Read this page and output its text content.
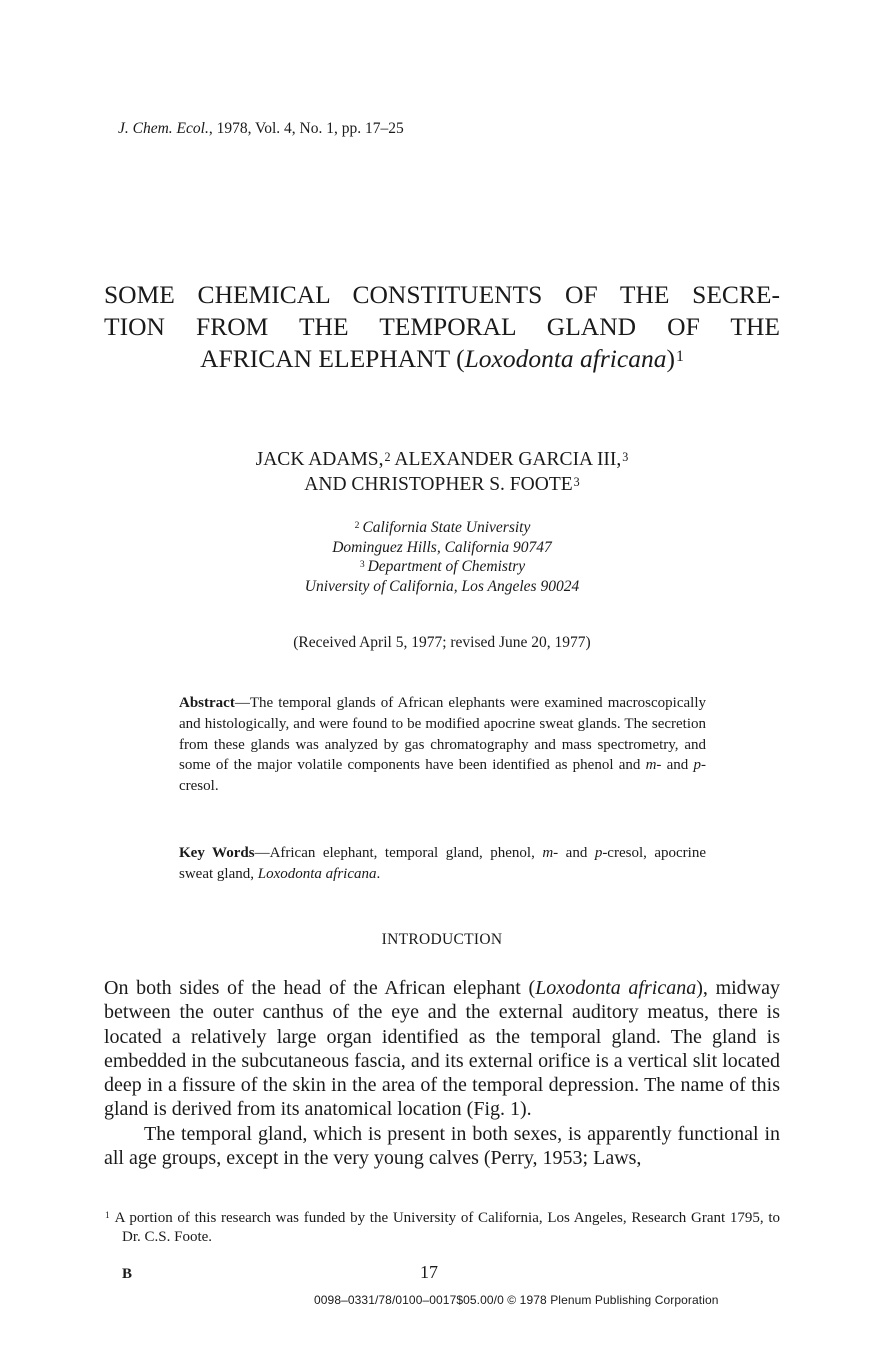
J. Chem. Ecol., 1978, Vol. 4, No. 1, pp. 17–25
SOME CHEMICAL CONSTITUENTS OF THE SECRE-
TION FROM THE TEMPORAL GLAND OF THE
AFRICAN ELEPHANT (Loxodonta africana)$^1$
JACK ADAMS,$^2$ ALEXANDER GARCIA III,$^3$
AND CHRISTOPHER S. FOOTE$^3$
$^2$ California State University
Dominguez Hills, California 90747
$^3$ Department of Chemistry
University of California, Los Angeles 90024
(Received April 5, 1977; revised June 20, 1977)
Abstract—The temporal glands of African elephants were examined macroscopically and histologically, and were found to be modified apocrine sweat glands. The secretion from these glands was analyzed by gas chromatography and mass spectrometry, and some of the major volatile components have been identified as phenol and m- and p-cresol.
Key Words—African elephant, temporal gland, phenol, m- and p-cresol, apocrine sweat gland, Loxodonta africana.
INTRODUCTION

On both sides of the head of the African elephant (Loxodonta africana), midway between the outer canthus of the eye and the external auditory meatus, there is located a relatively large organ identified as the temporal gland. The gland is embedded in the subcutaneous fascia, and its external orifice is a vertical slit located deep in a fissure of the skin in the area of the temporal depression. The name of this gland is derived from its anatomical location (Fig. 1).

The temporal gland, which is present in both sexes, is apparently functional in all age groups, except in the very young calves (Perry, 1953; Laws,

$^1$ A portion of this research was funded by the University of California, Los Angeles, Research Grant 1795, to Dr. C.S. Foote.
B	17
0098–0331/78/0100–0017$05.00/0 © 1978 Plenum Publishing Corporation
